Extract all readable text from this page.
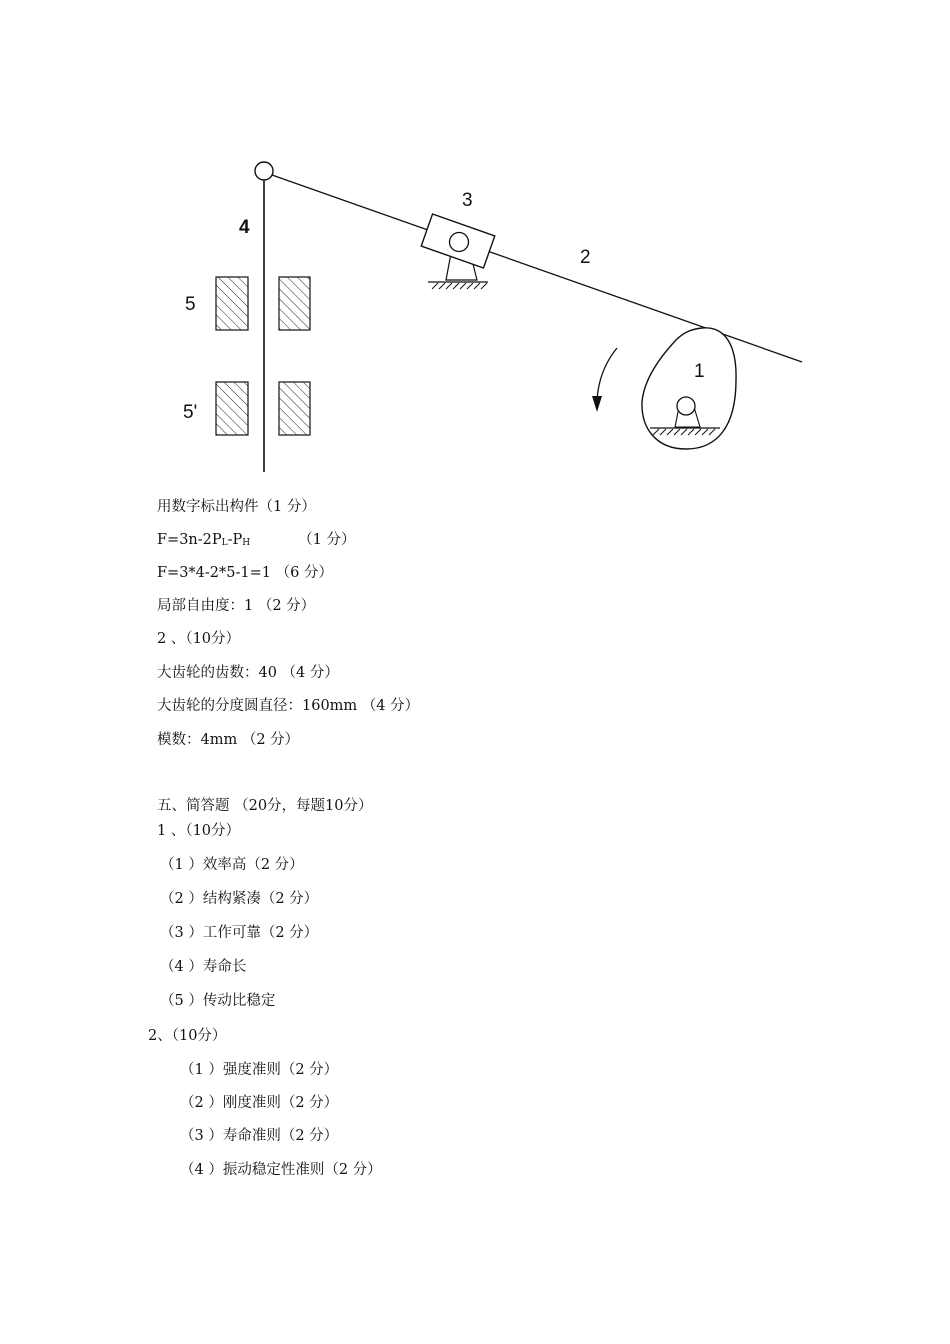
1
2
3
4
5
5'
用数字标出构件（1 分）
$F=3n-2P_L-P_H$	（1 分）
F=3*4-2*5-1=1 （6 分）
局部自由度：1 （2 分）
2 、（10分）
大齿轮的齿数：40 （4 分）
大齿轮的分度圆直径：160mm （4 分）
模数：4mm （2 分）
五、简答题 （20分，每题10分）
1 、（10分）
（1 ）效率高（2 分）
（2 ）结构紧凑（2 分）
（3 ）工作可靠（2 分）
（4 ）寿命长
（5 ）传动比稳定
2、（10分）
（1 ）强度准则（2 分）
（2 ）刚度准则（2 分）
（3 ）寿命准则（2 分）
（4 ）振动稳定性准则（2 分）
